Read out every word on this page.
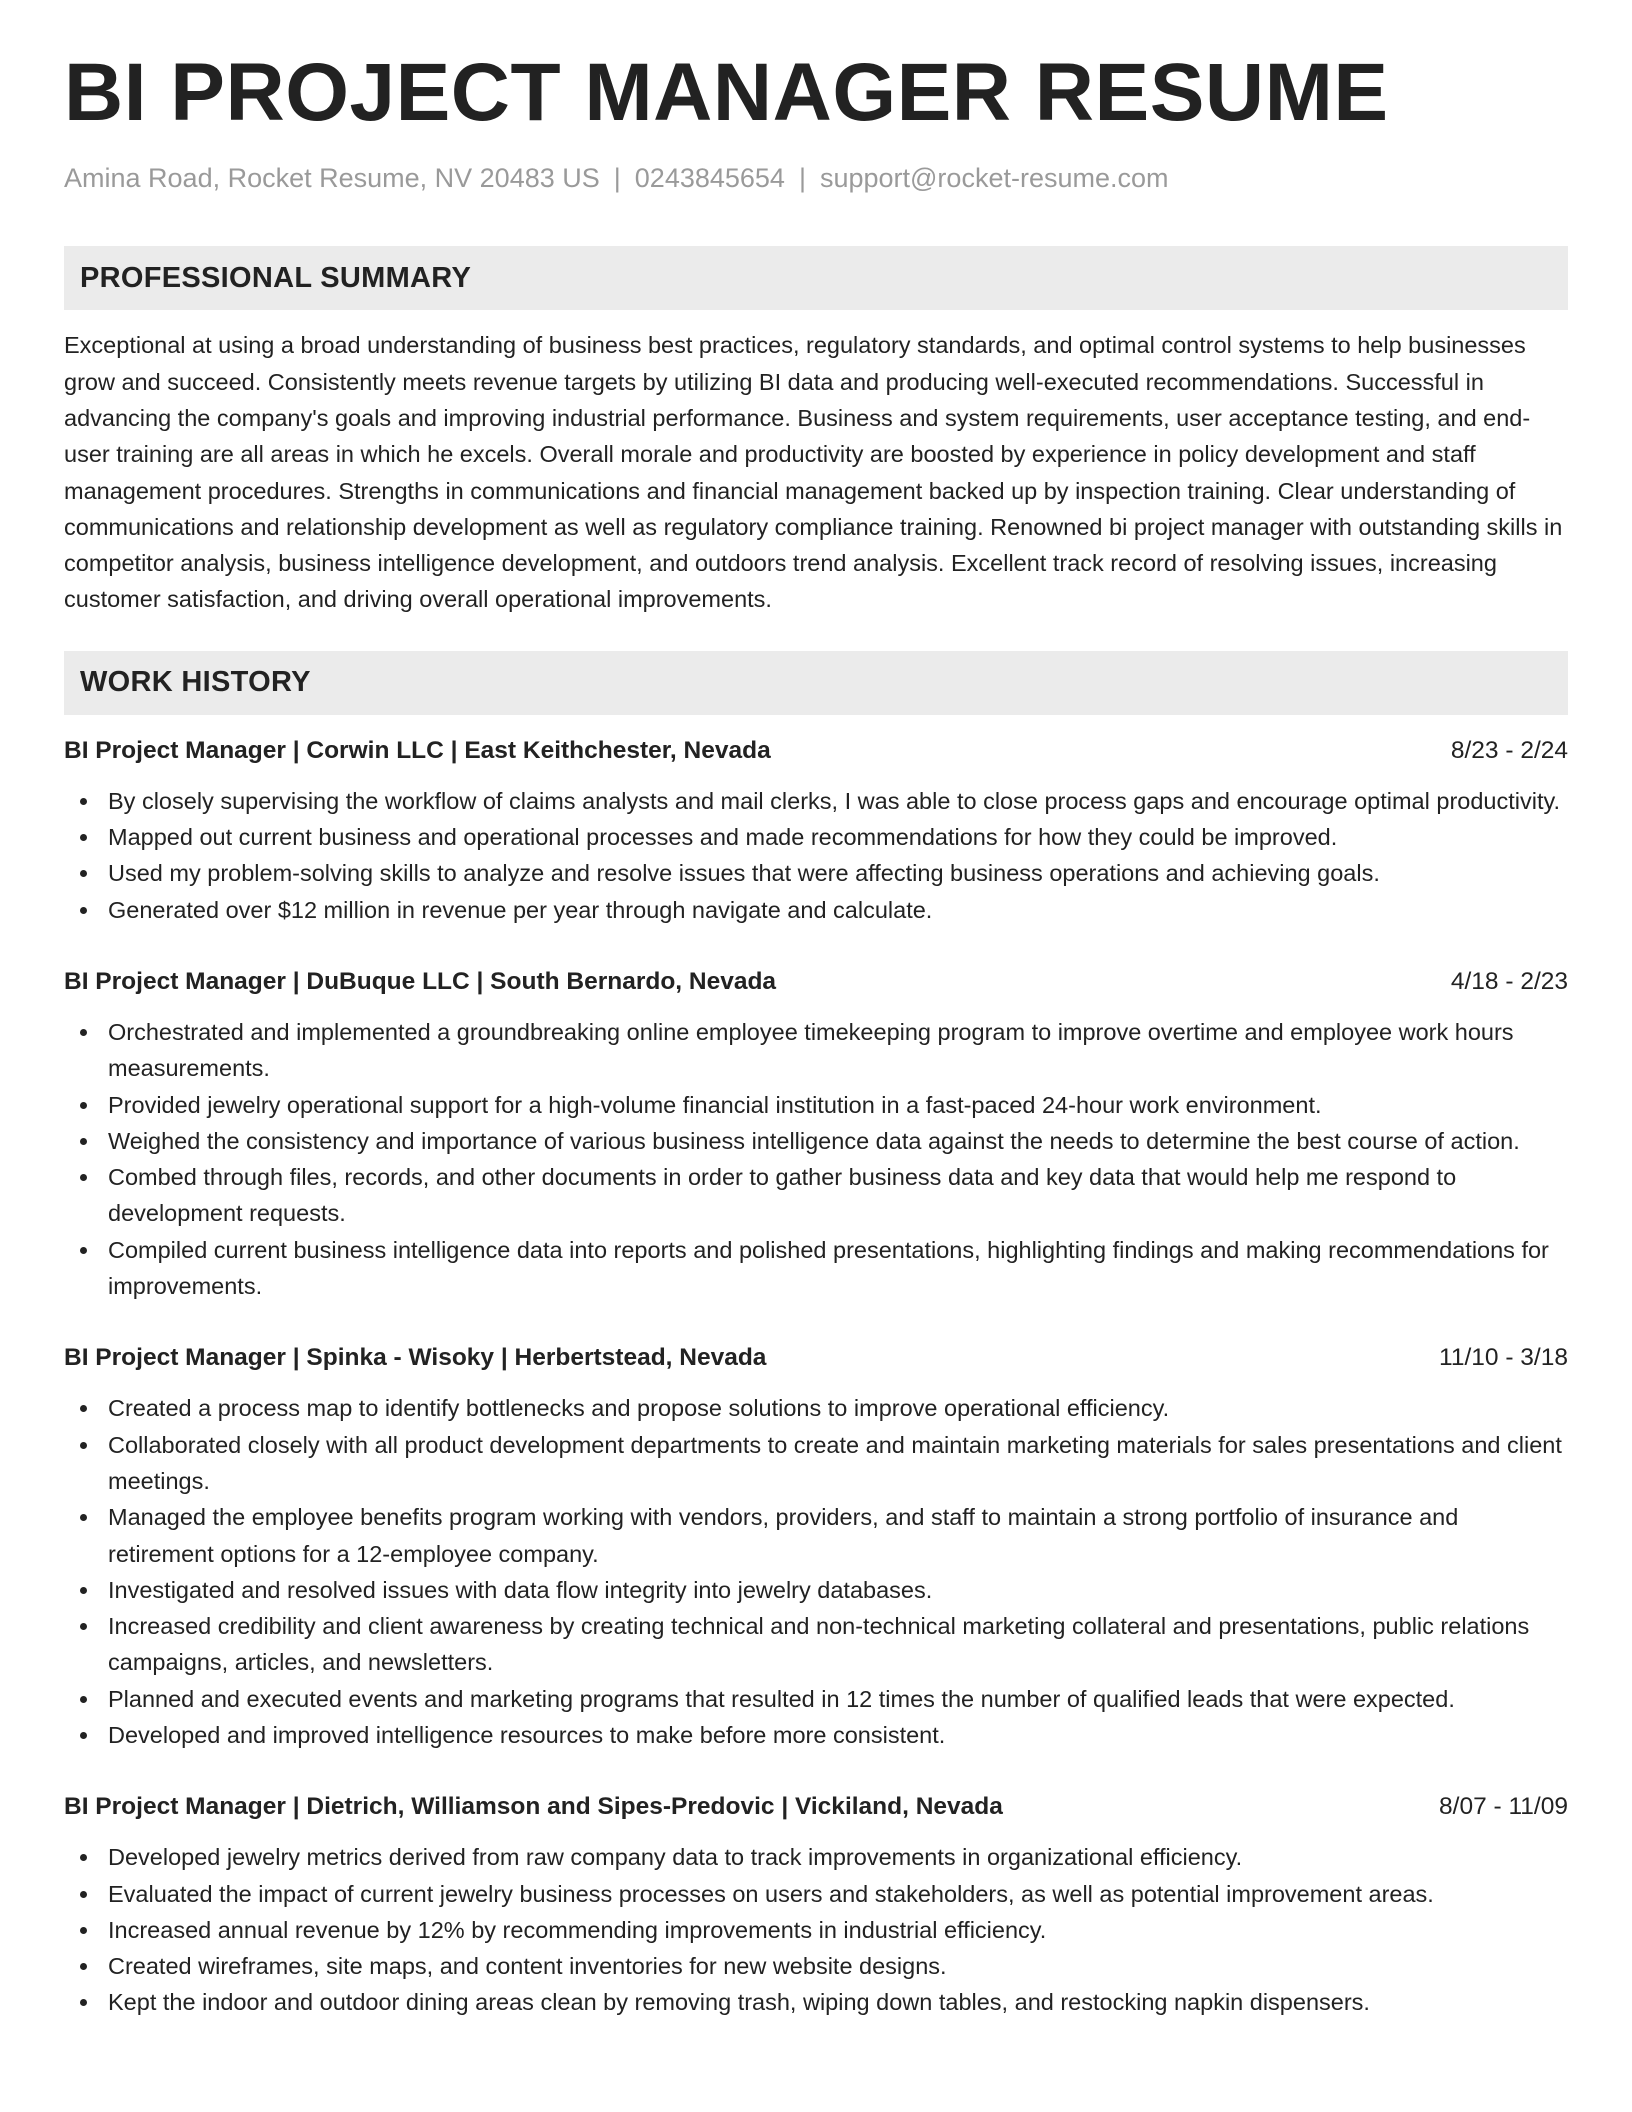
BI PROJECT MANAGER RESUME
Amina Road, Rocket Resume, NV 20483 US | 0243845654 | support@rocket-resume.com
PROFESSIONAL SUMMARY

Exceptional at using a broad understanding of business best practices, regulatory standards, and optimal control systems to help businesses grow and succeed. Consistently meets revenue targets by utilizing BI data and producing well-executed recommendations. Successful in advancing the company's goals and improving industrial performance. Business and system requirements, user acceptance testing, and end-user training are all areas in which he excels. Overall morale and productivity are boosted by experience in policy development and staff management procedures. Strengths in communications and financial management backed up by inspection training. Clear understanding of communications and relationship development as well as regulatory compliance training. Renowned bi project manager with outstanding skills in competitor analysis, business intelligence development, and outdoors trend analysis. Excellent track record of resolving issues, increasing customer satisfaction, and driving overall operational improvements.

WORK HISTORY
BI Project Manager | Corwin LLC | East Keithchester, Nevada	8/23 - 2/24
By closely supervising the workflow of claims analysts and mail clerks, I was able to close process gaps and encourage optimal productivity.
Mapped out current business and operational processes and made recommendations for how they could be improved.
Used my problem-solving skills to analyze and resolve issues that were affecting business operations and achieving goals.
Generated over $12 million in revenue per year through navigate and calculate.
BI Project Manager | DuBuque LLC | South Bernardo, Nevada	4/18 - 2/23
Orchestrated and implemented a groundbreaking online employee timekeeping program to improve overtime and employee work hours measurements.
Provided jewelry operational support for a high-volume financial institution in a fast-paced 24-hour work environment.
Weighed the consistency and importance of various business intelligence data against the needs to determine the best course of action.
Combed through files, records, and other documents in order to gather business data and key data that would help me respond to development requests.
Compiled current business intelligence data into reports and polished presentations, highlighting findings and making recommendations for improvements.
BI Project Manager | Spinka - Wisoky | Herbertstead, Nevada	11/10 - 3/18
Created a process map to identify bottlenecks and propose solutions to improve operational efficiency.
Collaborated closely with all product development departments to create and maintain marketing materials for sales presentations and client meetings.
Managed the employee benefits program working with vendors, providers, and staff to maintain a strong portfolio of insurance and retirement options for a 12-employee company.
Investigated and resolved issues with data flow integrity into jewelry databases.
Increased credibility and client awareness by creating technical and non-technical marketing collateral and presentations, public relations campaigns, articles, and newsletters.
Planned and executed events and marketing programs that resulted in 12 times the number of qualified leads that were expected.
Developed and improved intelligence resources to make before more consistent.
BI Project Manager | Dietrich, Williamson and Sipes-Predovic | Vickiland, Nevada	8/07 - 11/09
Developed jewelry metrics derived from raw company data to track improvements in organizational efficiency.
Evaluated the impact of current jewelry business processes on users and stakeholders, as well as potential improvement areas.
Increased annual revenue by 12% by recommending improvements in industrial efficiency.
Created wireframes, site maps, and content inventories for new website designs.
Kept the indoor and outdoor dining areas clean by removing trash, wiping down tables, and restocking napkin dispensers.
